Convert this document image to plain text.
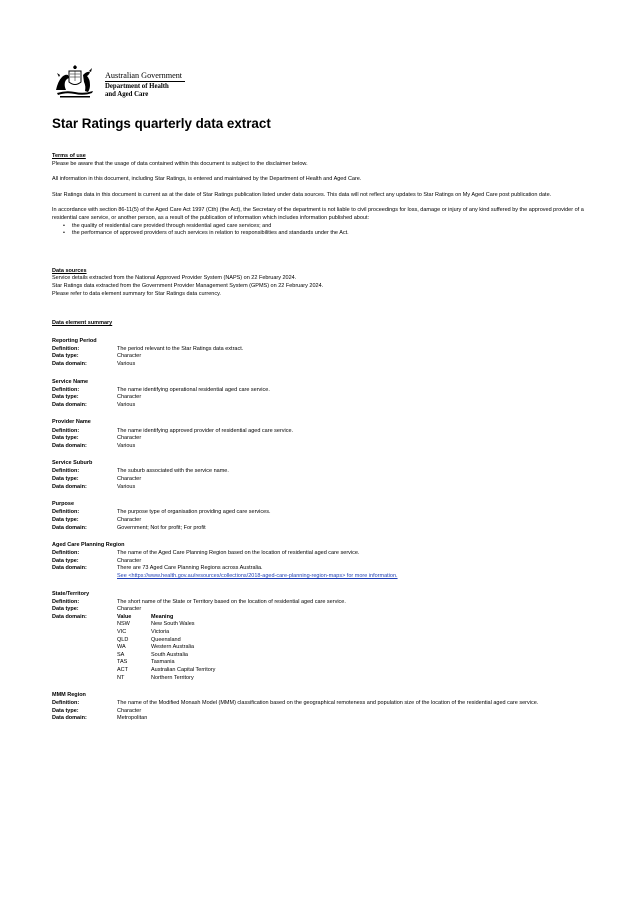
Australian Government
Department of Health
and Aged Care
Star Ratings quarterly data extract
Terms of use

Please be aware that the usage of data contained within this document is subject to the disclaimer below.

All information in this document, including Star Ratings, is entered and maintained by the Department of Health and Aged Care.

Star Ratings data in this document is current as at the date of Star Ratings publication listed under data sources. This data will not reflect any updates to Star Ratings on My Aged Care post publication date.

In accordance with section 86-11(5) of the Aged Care Act 1997 (Cth) (the Act), the Secretary of the department is not liable to civil proceedings for loss, damage or injury of any kind suffered by the approved provider of a residential care service, or another person, as a result of the publication of information which includes information published about:

• the quality of residential care provided through residential aged care services; and
• the performance of approved providers of such services in relation to responsibilities and standards under the Act.
Data sources

Service details extracted from the National Approved Provider System (NAPS) on 22 February 2024.

Star Ratings data extracted from the Government Provider Management System (GPMS) on 22 February 2024.

Please refer to data element summary for Star Ratings data currency.

Data element summary
Reporting Period
Definition:	The period relevant to the Star Ratings data extract.
Data type:	Character
Data domain:	Various
Service Name
Definition:	The name identifying operational residential aged care service.
Data type:	Character
Data domain:	Various
Provider Name
Definition:	The name identifying approved provider of residential aged care service.
Data type:	Character
Data domain:	Various
Service Suburb
Definition:	The suburb associated with the service name.
Data type:	Character
Data domain:	Various
Purpose
Definition:	The purpose type of organisation providing aged care services.
Data type:	Character
Data domain:	Government; Not for profit; For profit
Aged Care Planning Region
Definition:	The name of the Aged Care Planning Region based on the location of residential aged care service.
Data type:	Character
Data domain:	There are 73 Aged Care Planning Regions across Australia.
See <https://www.health.gov.au/resources/collections/2018-aged-care-planning-region-maps> for more information.
State/Territory
Definition:	The short name of the State or Territory based on the location of residential aged care service.
Data type:	Character
Data domain:	Value	Meaning
NSW	New South Wales
VIC	Victoria
QLD	Queensland
WA	Western Australia
SA	South Australia
TAS	Tasmania
ACT	Australian Capital Territory
NT	Northern Territory
MMM Region
Definition:	The name of the Modified Monash Model (MMM) classification based on the geographical remoteness and population size of the location of the residential aged care service.
Data type:	Character
Data domain:	Metropolitan
